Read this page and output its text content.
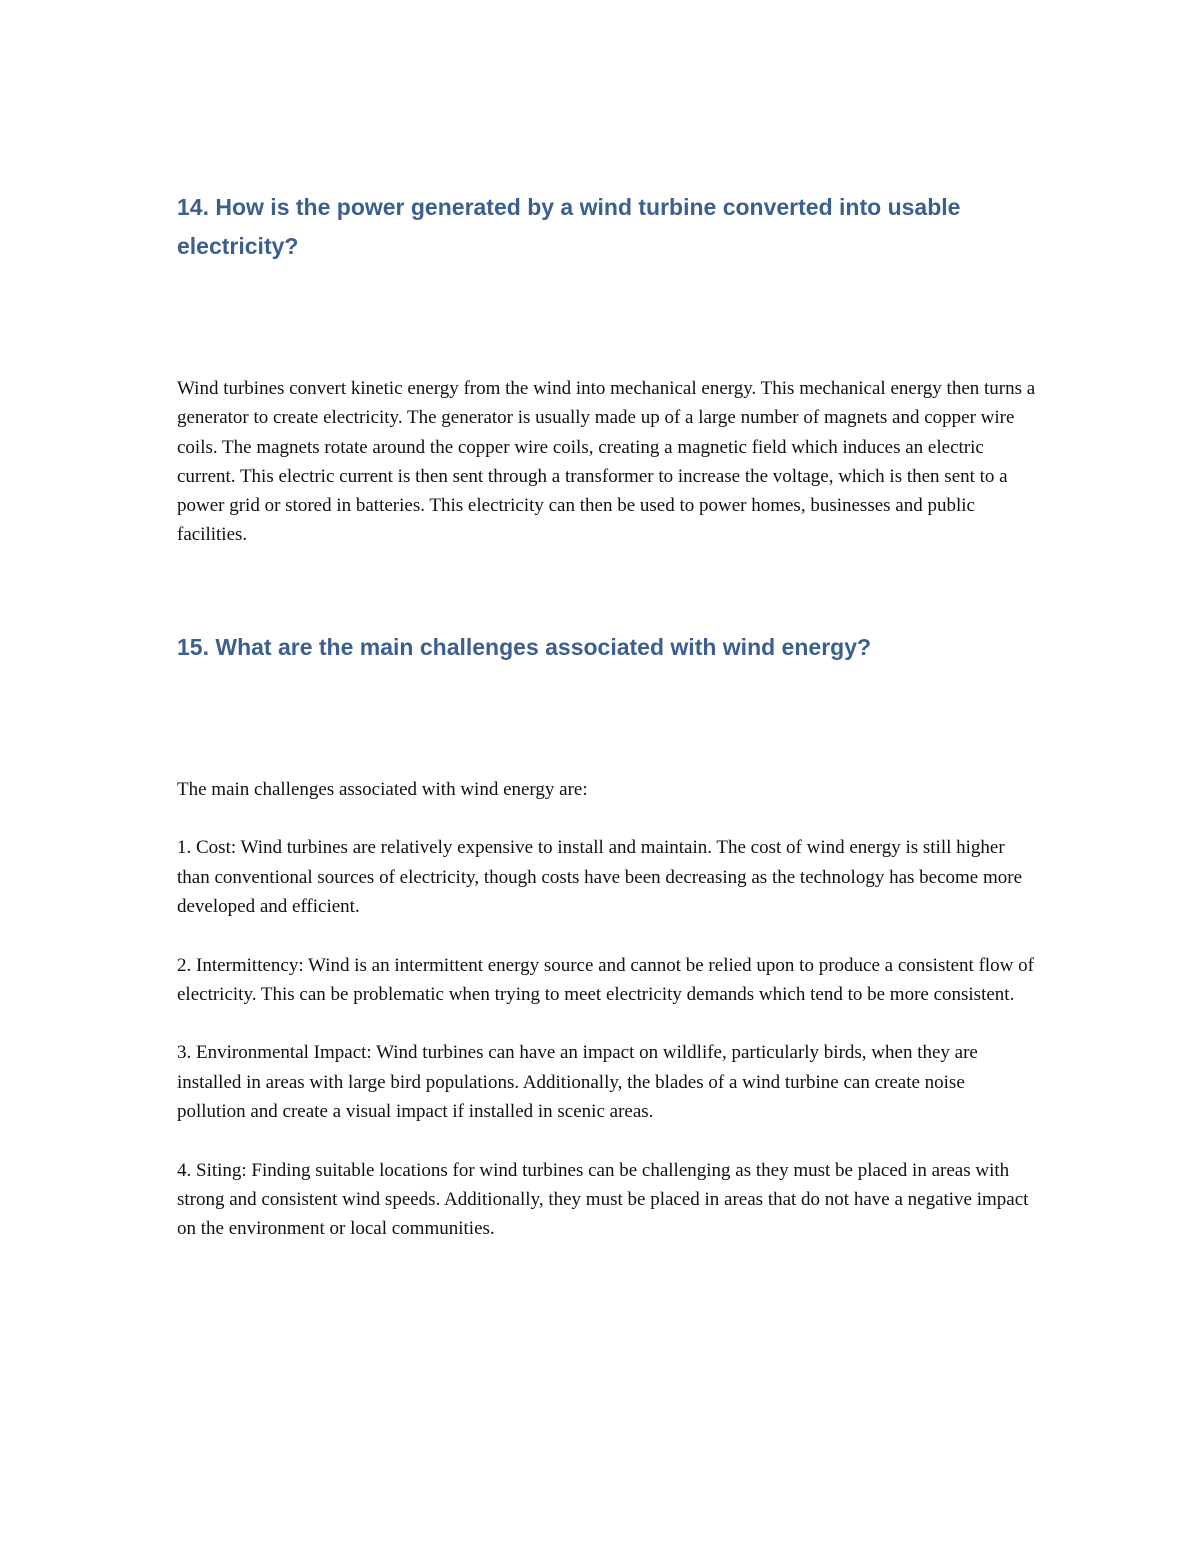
14. How is the power generated by a wind turbine converted into usable electricity?

Wind turbines convert kinetic energy from the wind into mechanical energy. This mechanical energy then turns a generator to create electricity. The generator is usually made up of a large number of magnets and copper wire coils. The magnets rotate around the copper wire coils, creating a magnetic field which induces an electric current. This electric current is then sent through a transformer to increase the voltage, which is then sent to a power grid or stored in batteries. This electricity can then be used to power homes, businesses and public facilities.

15. What are the main challenges associated with wind energy?

The main challenges associated with wind energy are:

1. Cost: Wind turbines are relatively expensive to install and maintain. The cost of wind energy is still higher than conventional sources of electricity, though costs have been decreasing as the technology has become more developed and efficient.

2. Intermittency: Wind is an intermittent energy source and cannot be relied upon to produce a consistent flow of electricity. This can be problematic when trying to meet electricity demands which tend to be more consistent.

3. Environmental Impact: Wind turbines can have an impact on wildlife, particularly birds, when they are installed in areas with large bird populations. Additionally, the blades of a wind turbine can create noise pollution and create a visual impact if installed in scenic areas.

4. Siting: Finding suitable locations for wind turbines can be challenging as they must be placed in areas with strong and consistent wind speeds. Additionally, they must be placed in areas that do not have a negative impact on the environment or local communities.
